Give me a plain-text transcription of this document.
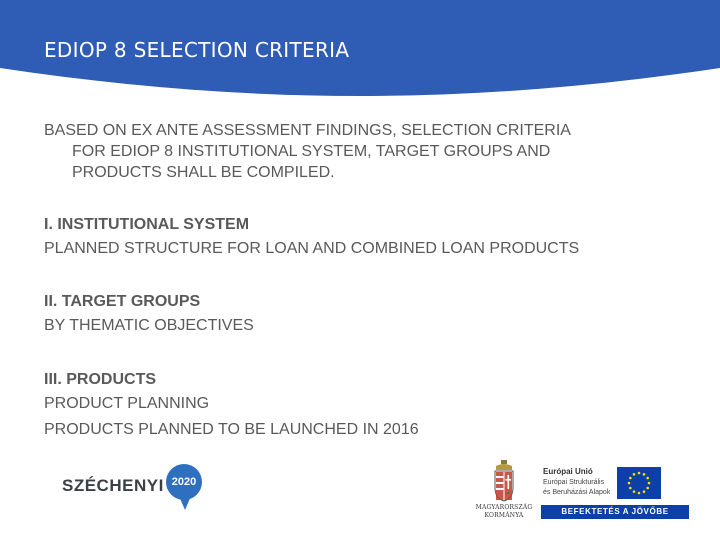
EDIOP 8 SELECTION CRITERIA
BASED ON EX ANTE ASSESSMENT FINDINGS, SELECTION CRITERIA
FOR EDIOP 8 INSTITUTIONAL SYSTEM, TARGET GROUPS AND
PRODUCTS SHALL BE COMPILED.
I. INSTITUTIONAL SYSTEM
PLANNED STRUCTURE FOR LOAN AND COMBINED LOAN PRODUCTS
II. TARGET GROUPS
BY THEMATIC OBJECTIVES
III. PRODUCTS
PRODUCT PLANNING
PRODUCTS PLANNED TO BE LAUNCHED IN 2016
SZÉCHENYI 2020
MAGYARORSZÁG
KORMÁNYA
Európai Unió
Európai Strukturális
és Beruházási Alapok
BEFEKTETÉS A JÖVŐBE
